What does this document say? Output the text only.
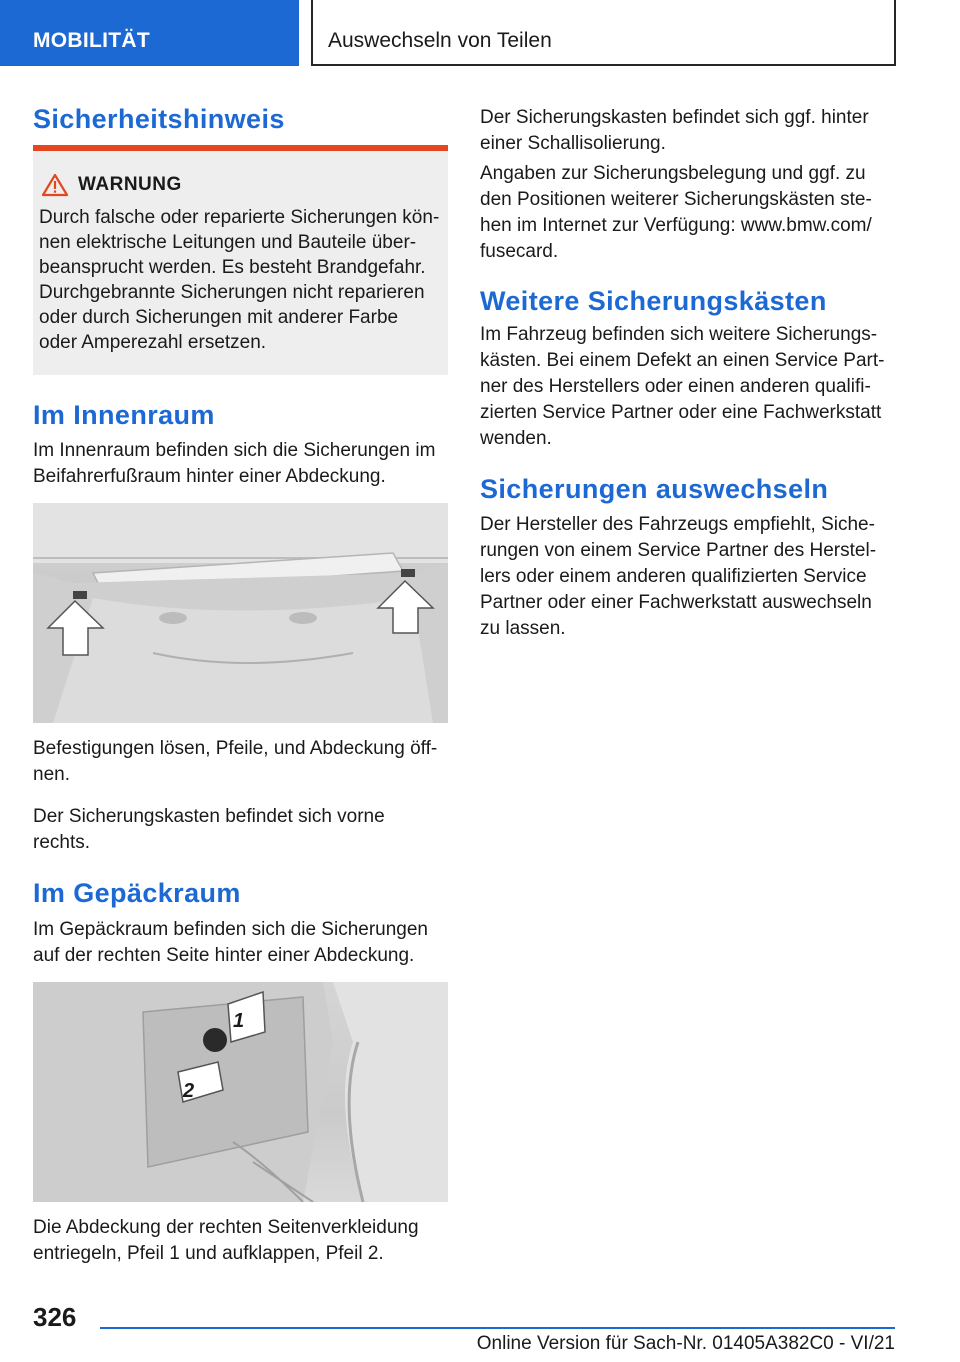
MOBILITÄT	Auswechseln von Teilen
Sicherheitshinweis
WARNUNG
Durch falsche oder reparierte Sicherungen kön-
nen elektrische Leitungen und Bauteile über-
beansprucht werden. Es besteht Brandgefahr.
Durchgebrannte Sicherungen nicht reparieren
oder durch Sicherungen mit anderer Farbe
oder Amperezahl ersetzen.
Im Innenraum

Im Innenraum befinden sich die Sicherungen im
Beifahrerfußraum hinter einer Abdeckung.

Befestigungen lösen, Pfeile, und Abdeckung öff-
nen.

Der Sicherungskasten befindet sich vorne
rechts.

Im Gepäckraum

Im Gepäckraum befinden sich die Sicherungen
auf der rechten Seite hinter einer Abdeckung.

1
2

Die Abdeckung der rechten Seitenverkleidung
entriegeln, Pfeil 1 und aufklappen, Pfeil 2.

Der Sicherungskasten befindet sich ggf. hinter
einer Schallisolierung.

Angaben zur Sicherungsbelegung und ggf. zu
den Positionen weiterer Sicherungskästen ste-
hen im Internet zur Verfügung: www.bmw.com/
fusecard.

Weitere Sicherungskästen

Im Fahrzeug befinden sich weitere Sicherungs-
kästen. Bei einem Defekt an einen Service Part-
ner des Herstellers oder einen anderen qualifi-
zierten Service Partner oder eine Fachwerkstatt
wenden.

Sicherungen auswechseln

Der Hersteller des Fahrzeugs empfiehlt, Siche-
rungen von einem Service Partner des Herstel-
lers oder einem anderen qualifizierten Service
Partner oder einer Fachwerkstatt auswechseln
zu lassen.

326
Online Version für Sach-Nr. 01405A382C0 - VI/21
